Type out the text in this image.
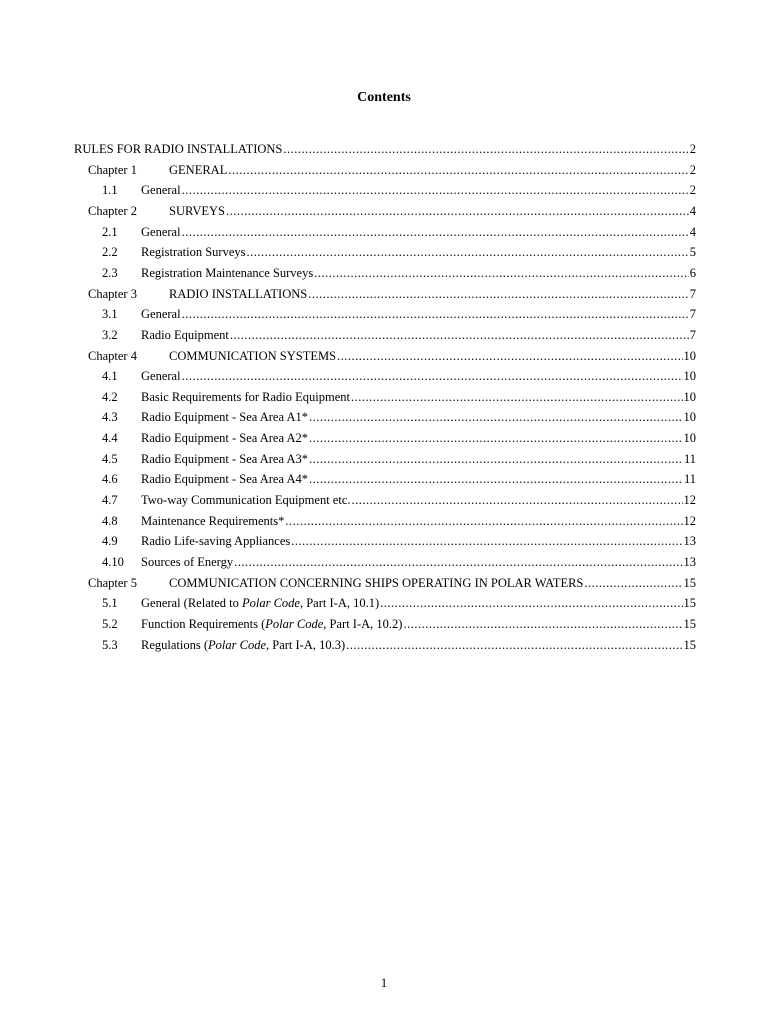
Contents
RULES FOR RADIO INSTALLATIONS .....	2
Chapter 1	GENERAL .....	2
1.1 General .....	2
Chapter 2	SURVEYS .....	4
2.1 General .....	4
2.2 Registration Surveys .....	5
2.3 Registration Maintenance Surveys .....	6
Chapter 3	RADIO INSTALLATIONS .....	7
3.1 General .....	7
3.2 Radio Equipment .....	7
Chapter 4	COMMUNICATION SYSTEMS .....	10
4.1 General .....	10
4.2 Basic Requirements for Radio Equipment .....	10
4.3 Radio Equipment - Sea Area A1* .....	10
4.4 Radio Equipment - Sea Area A2* .....	10
4.5 Radio Equipment - Sea Area A3* .....	11
4.6 Radio Equipment - Sea Area A4* .....	11
4.7 Two-way Communication Equipment etc. .....	12
4.8 Maintenance Requirements* .....	12
4.9 Radio Life-saving Appliances .....	13
4.10 Sources of Energy .....	13
Chapter 5	COMMUNICATION CONCERNING SHIPS OPERATING IN POLAR WATERS .....	15
5.1 General (Related to Polar Code, Part I-A, 10.1) .....	15
5.2 Function Requirements (Polar Code, Part I-A, 10.2) .....	15
5.3 Regulations (Polar Code, Part I-A, 10.3) .....	15
1
